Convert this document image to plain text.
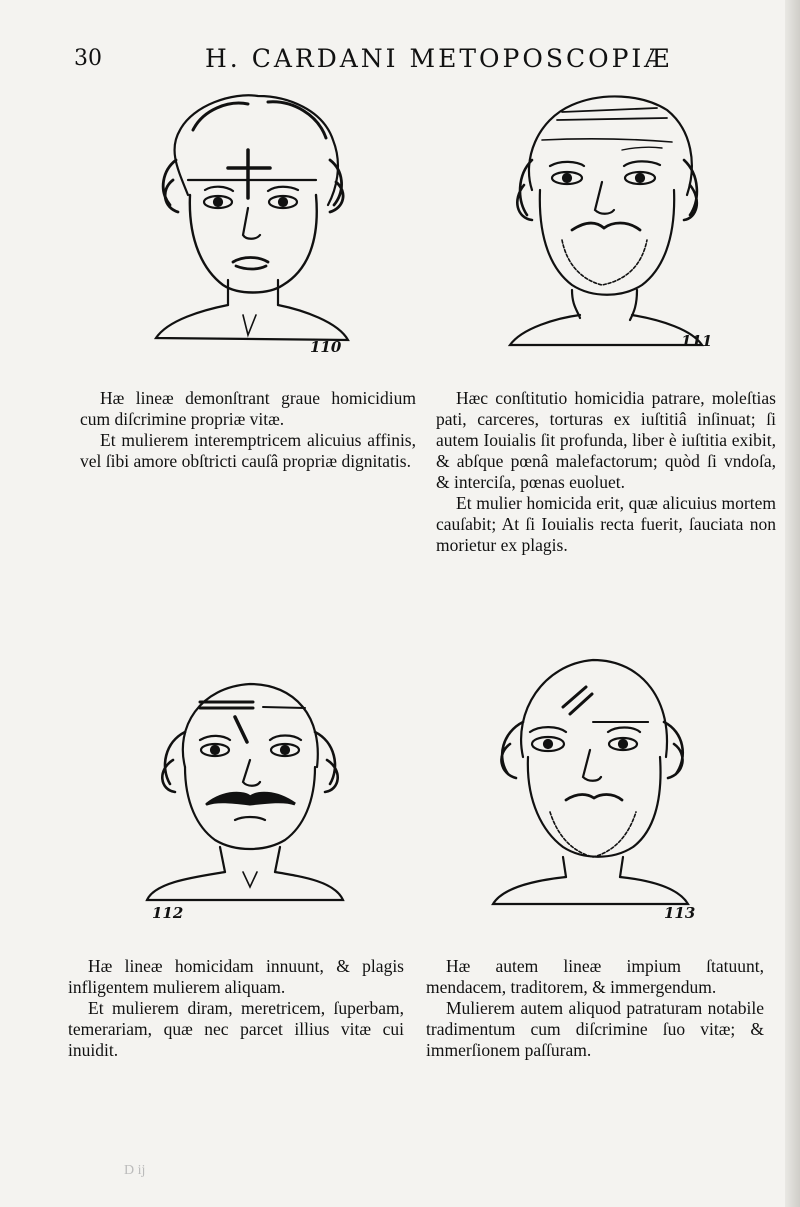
30	H. CARDANI METOPOSCOPIÆ
110	111

Hæ lineæ demonſtrant graue homicidium cum diſcrimine propriæ vitæ.

Et mulierem interemptricem alicuius affinis, vel ſibi amore obſtricti cauſâ propriæ dignitatis.

Hæc conſtitutio homicidia patrare, moleſtias pati, carceres, torturas ex iuſtitiâ inſinuat; ſi autem Iouialis ſit profunda, liber è iuſtitia exibit, & abſque pœnâ malefactorum; quòd ſi vndoſa, & interciſa, pœnas euoluet.

Et mulier homicida erit, quæ alicuius mortem cauſabit; At ſi Iouialis recta fuerit, ſauciata non morietur ex plagis.

112	113

Hæ lineæ homicidam innuunt, & plagis infligentem mulierem aliquam.

Et mulierem diram, meretricem, ſuperbam, temerariam, quæ nec parcet illius vitæ cui inuidit.

Hæ autem lineæ impium ſtatuunt, mendacem, traditorem, & immergendum.

Mulierem autem aliquod patraturam notabile tradimentum cum diſcrimine ſuo vitæ; & immerſionem paſſuram.

D ij
